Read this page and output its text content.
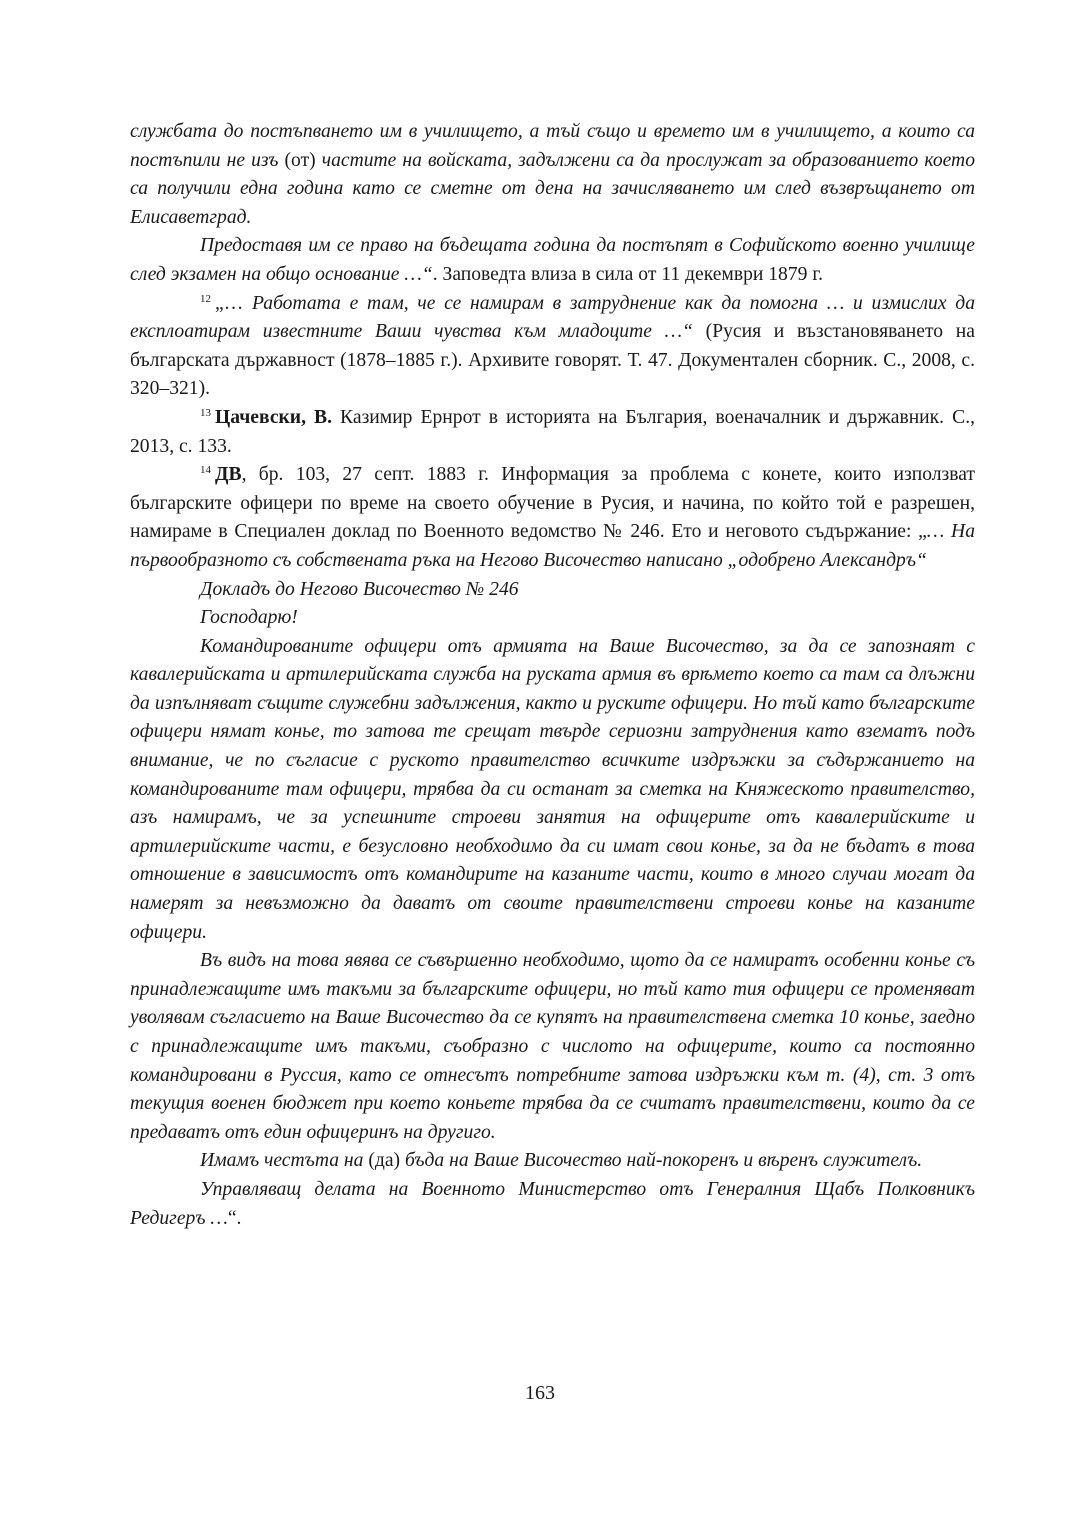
службата до постъпването им в училището, а тъй също и времето им в училището, а които са постъпили не изъ (от) частите на войската, задължени са да прослужат за образованието което са получили една година като се сметне от дена на зачисляването им след възвръщането от Елисаветград.

Предоставя им се право на бъдещата година да постъпят в Софийското военно училище след экзамен на общо основание …“. Заповедта влиза в сила от 11 декември 1879 г.

$^{12}$ „… Работата е там, че се намирам в затруднение как да помогна … и измислих да експлоатирам известните Ваши чувства към младоците …“ (Русия и възстановяването на българската държавност (1878–1885 г.). Архивите говорят. Т. 47. Документален сборник. С., 2008, с. 320–321).

$^{13}$ Цачевски, В. Казимир Ернрот в историята на България, военачалник и държавник. С., 2013, с. 133.

$^{14}$ ДВ, бр. 103, 27 септ. 1883 г. Информация за проблема с конете, които използват българските офицери по време на своето обучение в Русия, и начина, по който той е разрешен, намираме в Специален доклад по Военното ведомство № 246. Ето и неговото съдържание: „… На първообразното съ собствената ръка на Негово Височество написано „одобрено Александръ“

Докладъ до Негово Височество № 246

Господарю!

Командированите офицери отъ армията на Ваше Височество, за да се запознаят с кавалерийската и артилерийската служба на руската армия въ врѣмето което са там са длъжни да изпълняват същите служебни задължения, както и руските офицери. Но тъй като българските офицери нямат коньe, то затова те срещат твърде сериозни затруднения като взематъ подъ внимание, че по съгласие с руското правителство всичките издръжки за съдържанието на командированите там офицери, трябва да си останат за сметка на Княжеското правителство, азъ намирамъ, че за успешните строеви занятия на офицерите отъ кавалерийските и артилерийските части, е безусловно необходимо да си имат свои коньe, за да не бъдатъ в това отношение в зависимостъ отъ командирите на казаните части, които в много случаи могат да намерят за невъзможно да даватъ от своите правителствени строеви коньe на казаните офицери.

Въ видъ на това явява се съвършенно необходимо, щото да се намиратъ особенни коньe съ принадлежащите имъ такъми за българските офицери, но тъй като тия офицери се променяват уволявам съгласието на Ваше Височество да се купятъ на правителствена сметка 10 коньe, заедно с принадлежащите имъ такъми, съобразно с числото на офицерите, които са постоянно командировани в Руссия, като се отнесътъ потребните затова издръжки към т. (4), ст. 3 отъ текущия военен бюджет при което коньете трябва да се считатъ правителствени, които да се предаватъ отъ един офицеринъ на другиго.

Имамъ честъта на (да) бъда на Ваше Височество най-покоренъ и вѣренъ служителъ.

Управляващ делата на Военното Министерство отъ Генералния Щабъ Полковникъ Редигеръ …“.

163
